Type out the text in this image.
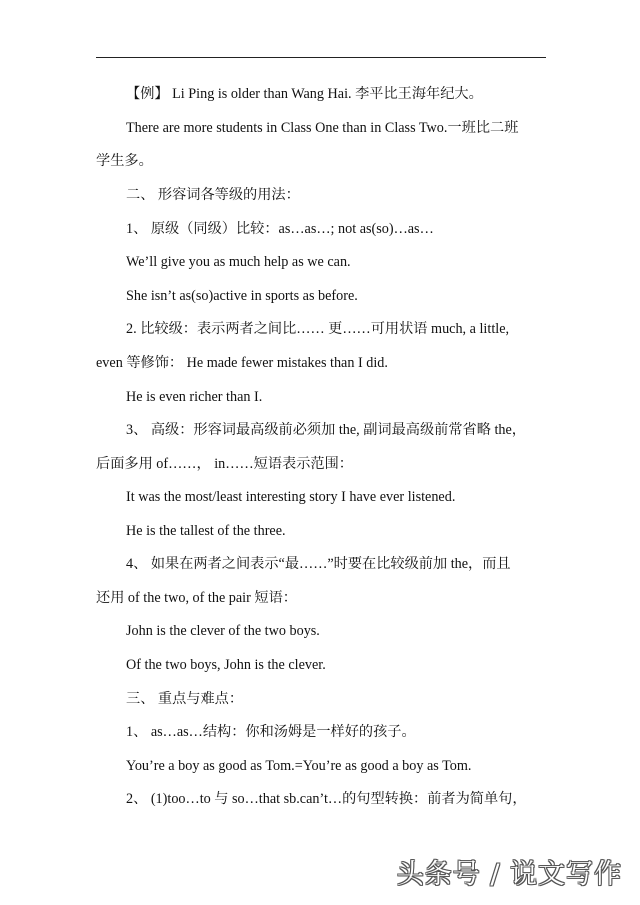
【例】 Li Ping is older than Wang Hai. 李平比王海年纪大。
There are more students in Class One than in Class Two.一班比二班
学生多。
二、 形容词各等级的用法：
1、 原级（同级）比较：as…as…; not as(so)…as…
We’ll give you as much help as we can.
She isn’t as(so)active in sports as before.
2. 比较级：表示两者之间比…… 更……可用状语 much, a little,
even 等修饰： He made fewer mistakes than I did.
He is even richer than I.
3、 高级：形容词最高级前必须加 the, 副词最高级前常省略 the，
后面多用 of……， in……短语表示范围：
It was the most/least interesting story I have ever listened.
He is the tallest of the three.
4、 如果在两者之间表示“最……”时要在比较级前加 the，而且
还用 of the two, of the pair 短语：
John is the clever of the two boys.
Of the two boys, John is the clever.
三、 重点与难点：
1、 as…as…结构：你和汤姆是一样好的孩子。
You’re a boy as good as Tom.=You’re as good a boy as Tom.
2、 (1)too…to 与 so…that sb.can’t…的句型转换：前者为简单句，
头条号 / 说文写作
